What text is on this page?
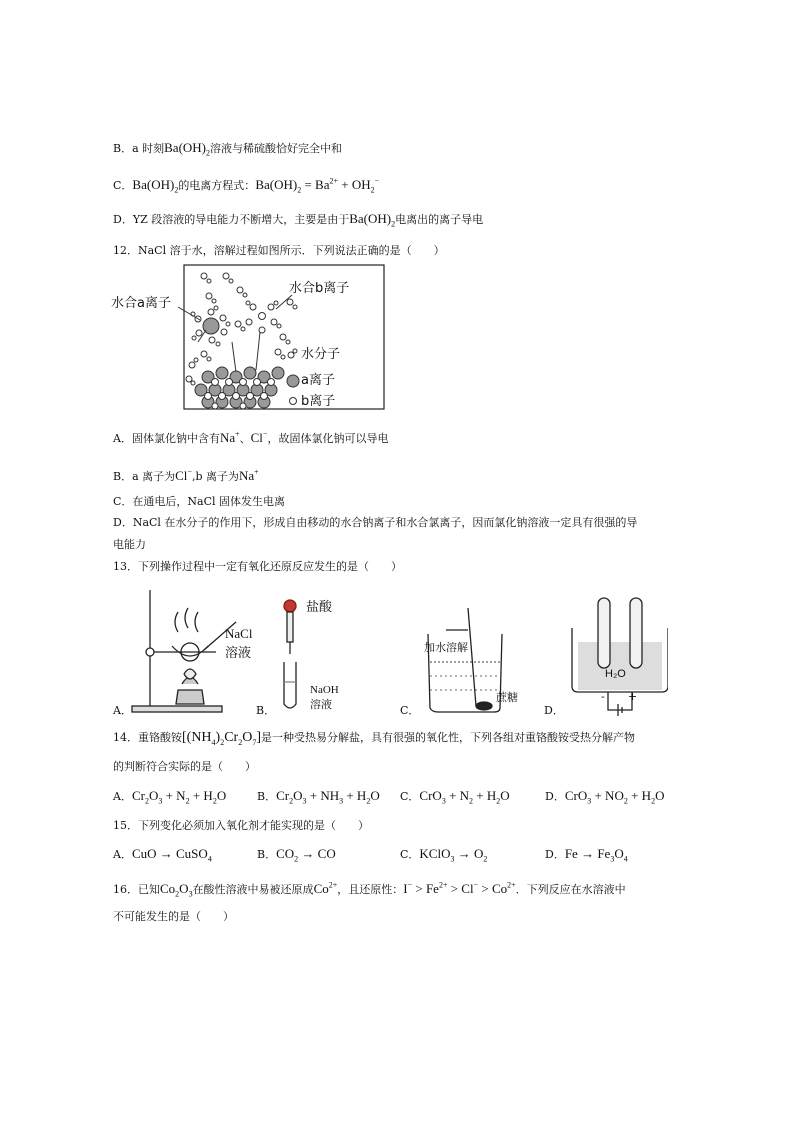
B．a 时刻$Ba(OH)_2$溶液与稀硫酸恰好完全中和
C．$Ba(OH)_2$的电离方程式：$Ba(OH)_2 = Ba^{2+} + OH_2^-$
D．YZ 段溶液的导电能力不断增大，主要是由于$Ba(OH)_2$电离出的离子导电
12．NaCl 溶于水，溶解过程如图所示．下列说法正确的是（　　）
水合a离子
水合b离子
水分子
a离子
b离子
A．固体氯化钠中含有Na+、Cl−，故固体氯化钠可以导电
B．a 离子为Cl−,b 离子为Na+
C．在通电后，NaCl 固体发生电离
D．NaCl 在水分子的作用下，形成自由移动的水合钠离子和水合氯离子，因而氯化钠溶液一定具有很强的导
电能力
13．下列操作过程中一定有氧化还原反应发生的是（　　）
NaCl
溶液
盐酸
NaOH
溶液
加水溶解
蔗糖
H₂O
- +
A．	B．	C．	D．
14．重铬酸铵$[(NH_4)_2Cr_2O_7]$是一种受热易分解盐，具有很强的氧化性，下列各组对重铬酸铵受热分解产物
的判断符合实际的是（　　）
A．$Cr_2O_3 + N_2 + H_2O$	B．$Cr_2O_3 + NH_3 + H_2O$ C．$CrO_3 + N_2 + H_2O$	D．$CrO_3 + NO_2 + H_2O$
15．下列变化必须加入氧化剂才能实现的是（　　）
A．CuO → CuSO$_4$	B．$CO_2$ → CO	C．KClO$_3$ → $O_2$	D．$Fe \to Fe_3O_4$
16．已知$Co_2O_3$在酸性溶液中易被还原成$Co^{2+}$，且还原性：$I^- > Fe^{2+} > Cl^- > Co^{2+}$．下列反应在水溶液中
不可能发生的是（　　）
